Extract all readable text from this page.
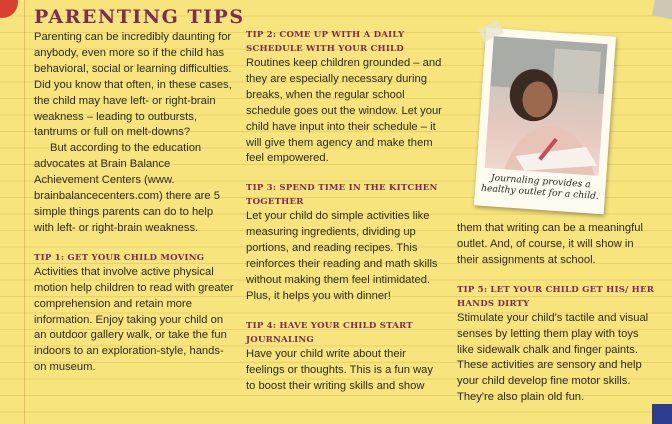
PARENTING TIPS

Parenting can be incredibly daunting for anybody, even more so if the child has behavioral, social or learning difficulties. Did you know that often, in these cases, the child may have left- or right-brain weakness – leading to outbursts, tantrums or full on melt-downs?

But according to the education advocates at Brain Balance Achievement Centers (www. brainbalancecenters.com) there are 5 simple things parents can do to help with left- or right-brain weakness.

TIP 1: GET YOUR CHILD MOVING

Activities that involve active physical motion help children to read with greater comprehension and retain more information. Enjoy taking your child on an outdoor gallery walk, or take the fun indoors to an exploration-style, hands-on museum.

TIP 2: COME UP WITH A DAILY SCHEDULE WITH YOUR CHILD

Routines keep children grounded – and they are especially necessary during breaks, when the regular school schedule goes out the window. Let your child have input into their schedule – it will give them agency and make them feel empowered.

TIP 3: SPEND TIME IN THE KITCHEN TOGETHER

Let your child do simple activities like measuring ingredients, dividing up portions, and reading recipes. This reinforces their reading and math skills without making them feel intimidated. Plus, it helps you with dinner!

TIP 4: HAVE YOUR CHILD START JOURNALING

Have your child write about their feelings or thoughts. This is a fun way to boost their writing skills and show

Journaling provides a healthy outlet for a child.

them that writing can be a meaningful outlet. And, of course, it will show in their assignments at school.

TIP 5: LET YOUR CHILD GET HIS/ HER HANDS DIRTY

Stimulate your child's tactile and visual senses by letting them play with toys like sidewalk chalk and finger paints. These activities are sensory and help your child develop fine motor skills. They're also plain old fun.
